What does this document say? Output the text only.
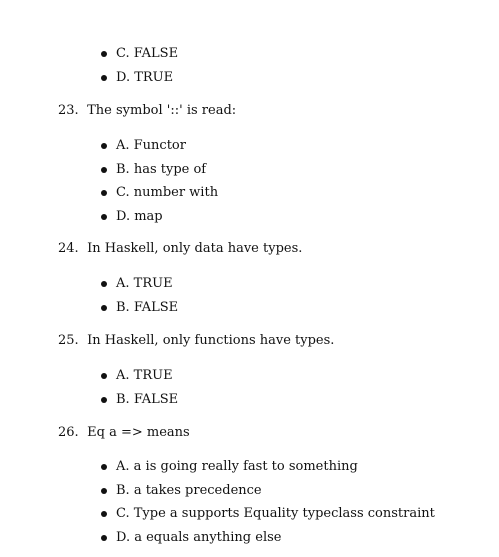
C. FALSE
D. TRUE
23. The symbol '::' is read:
A. Functor
B. has type of
C. number with
D. map
24. In Haskell, only data have types.
A. TRUE
B. FALSE
25. In Haskell, only functions have types.
A. TRUE
B. FALSE
26. Eq a => means
A. a is going really fast to something
B. a takes precedence
C. Type a supports Equality typeclass constraint
D. a equals anything else
